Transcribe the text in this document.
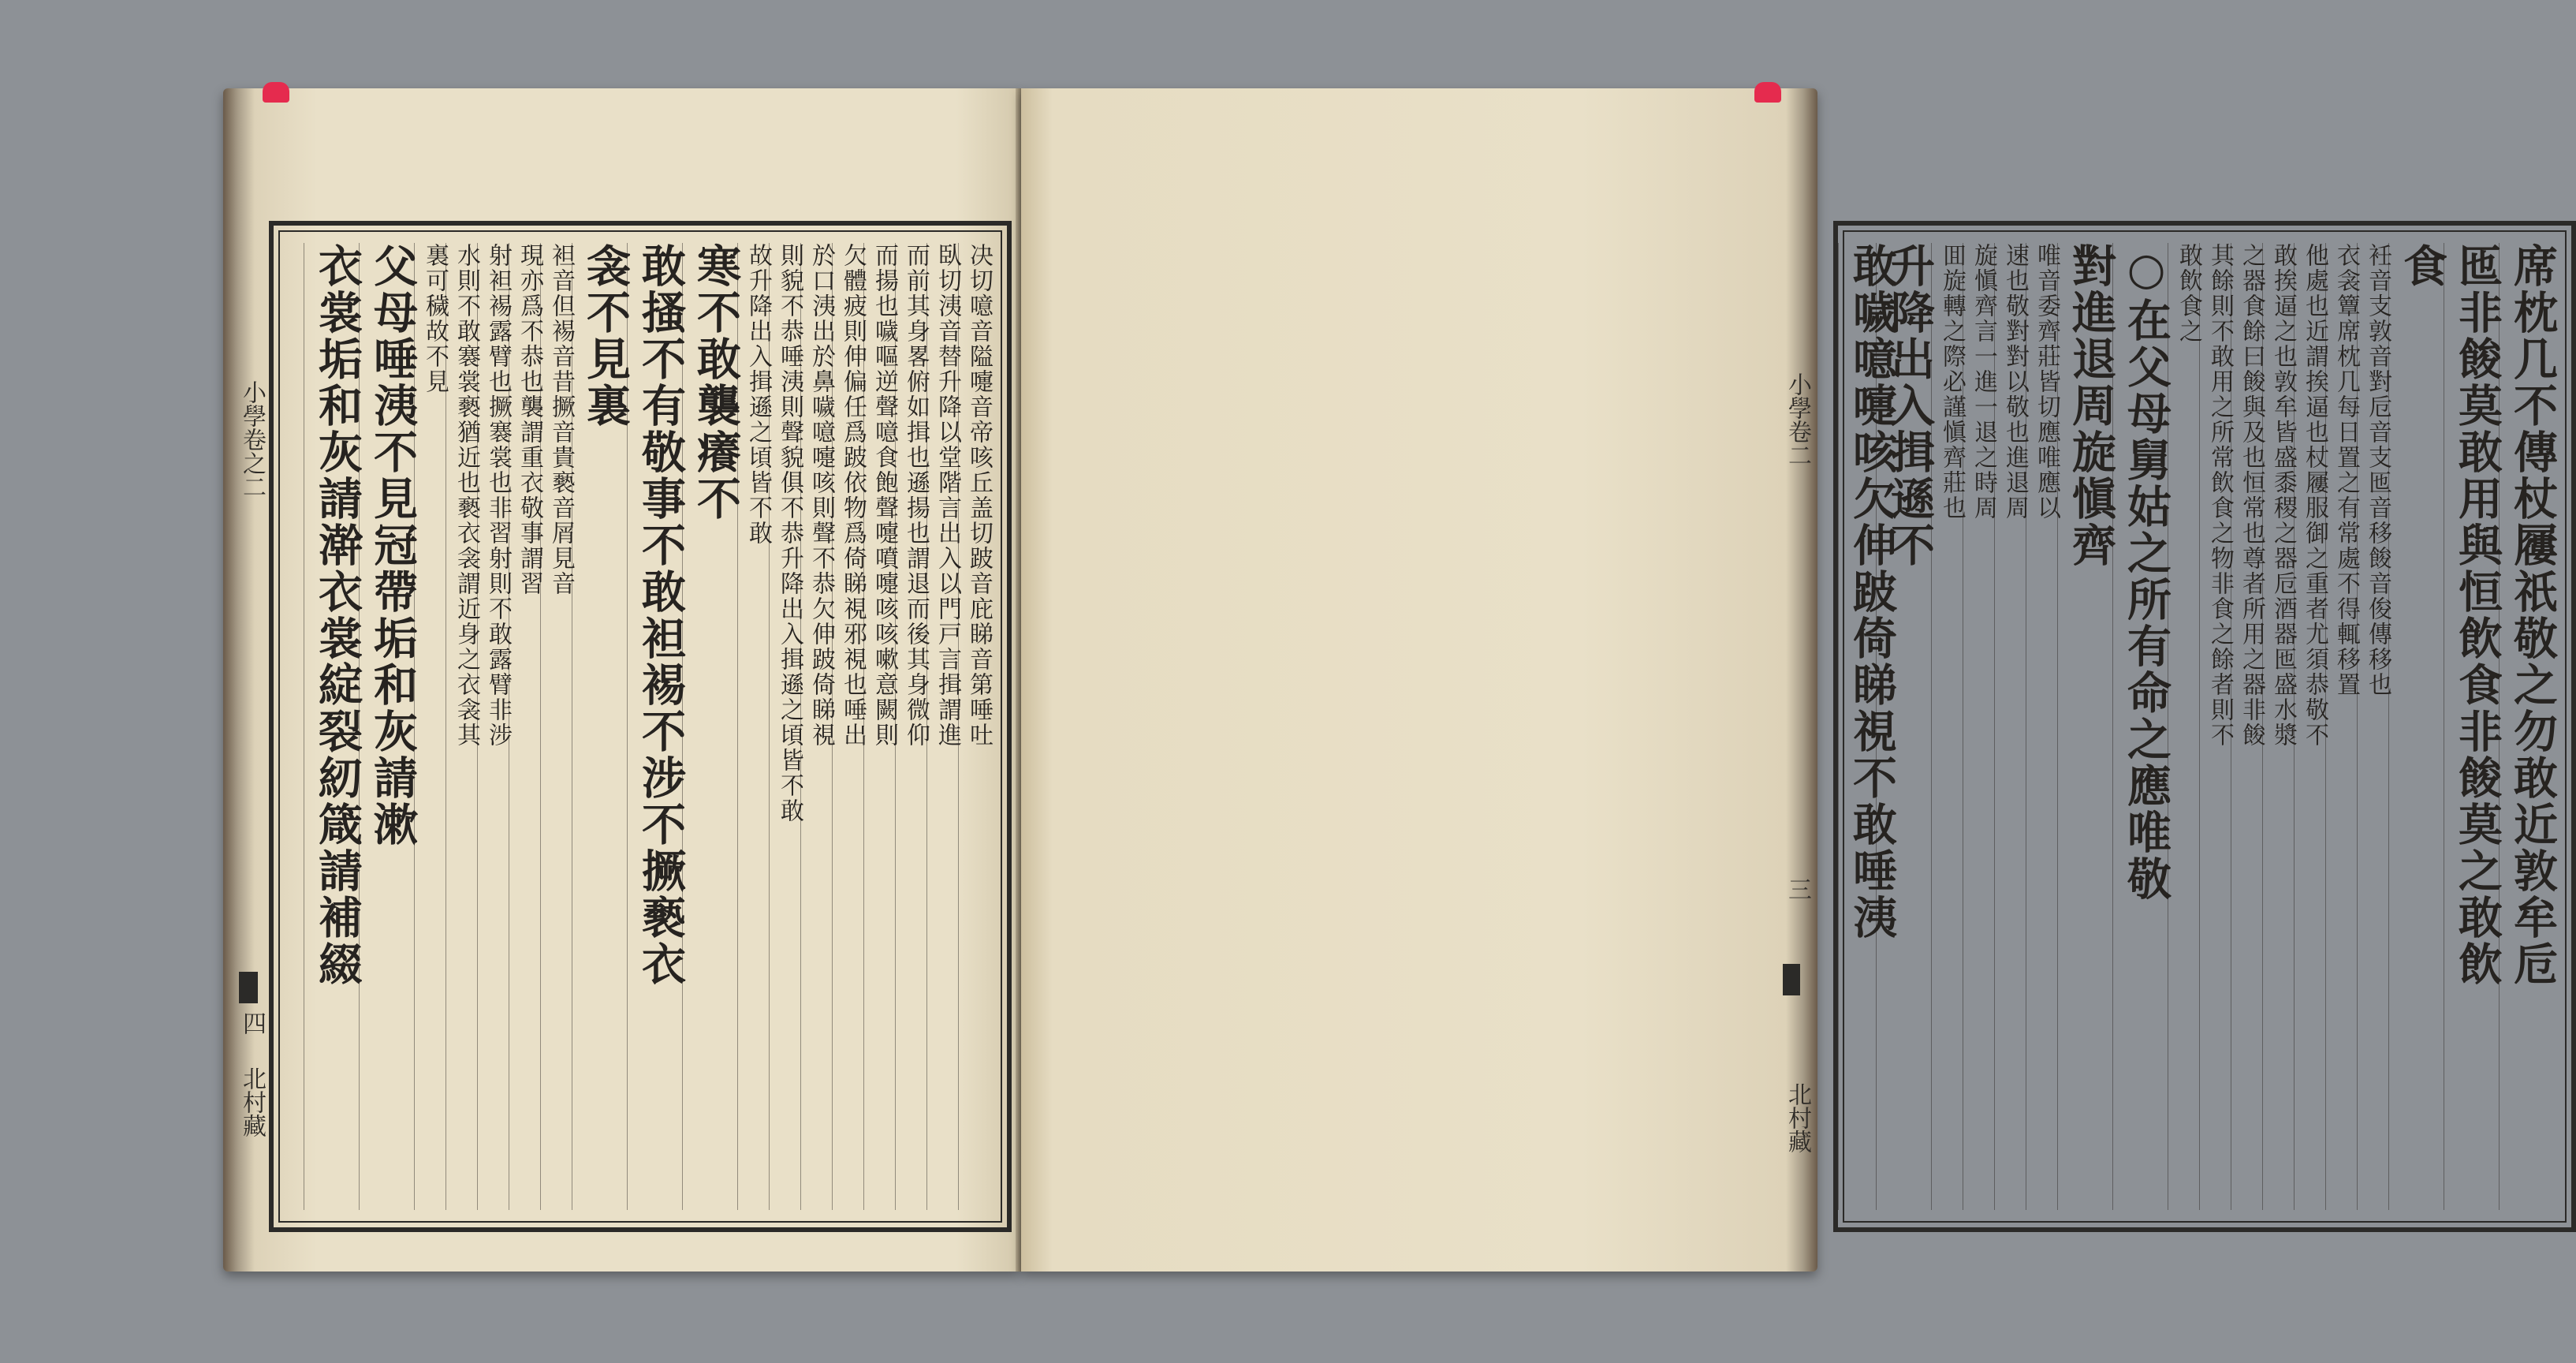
决切噫音隘嚏音帝咳丘盖切跛音庇睇音第唾吐
臥切洟音替升降以堂階言出入以門戸言揖謂進
而前其身畧俯如揖也遜揚也謂退而後其身微仰
而揚也噦嘔逆聲噫食飽聲嚏噴嚏咳咳嗽意闕則
欠體疲則伸偏任爲跛依物爲倚睇視邪視也唾出
於口洟出於鼻噦噫嚏咳則聲不恭欠伸跛倚睇視
則貌不恭唾洟則聲貌俱不恭升降出入揖遜之頃皆不敢
故升降出入揖遜之頃皆不敢
寒不敢襲癢不
敢搔不有敬事不敢袒裼不涉不撅褻衣
衾不見裏
袒音但裼音昔撅音貴褻音屑見音
現亦爲不恭也襲謂重衣敬事謂習
射袒裼露臂也撅褰裳也非習射則不敢露臂非涉
水則不敢褰裳褻猶近也褻衣衾謂近身之衣衾其
裏可穢故不見
父母唾洟不見冠帶垢和灰請漱
衣裳垢和灰請澣衣裳綻裂紉箴請補綴
小學卷之二
四
北村藏
席枕几不傳杖屨祇敬之勿敢近敦牟卮
匜非餕莫敢用與恒飲食非餕莫之敢飲
食
衽音支敦音對卮音支匜音移餕音俊傳移也
衣衾簟席枕几每日置之有常處不得輒移置
他處也近謂挨逼也杖屨服御之重者尤須恭敬不
敢挨逼之也敦牟皆盛黍稷之器卮酒器匜盛水漿
之器食餘曰餕與及也恒常也尊者所用之器非餕
其餘則不敢用之所常飲食之物非食之餘者則不
敢飲食之
○在父母舅姑之所有命之應唯敬
對進退周旋愼齊
唯音委齊莊皆切應唯應以
速也敬對對以敬也進退周
旋愼齊言一進一退之時周
囬旋轉之際必謹愼齊莊也
升降出入揖遜不
敢噦噫嚏咳欠伸跛倚睇視不敢唾洟
小學卷二
三
北村藏
